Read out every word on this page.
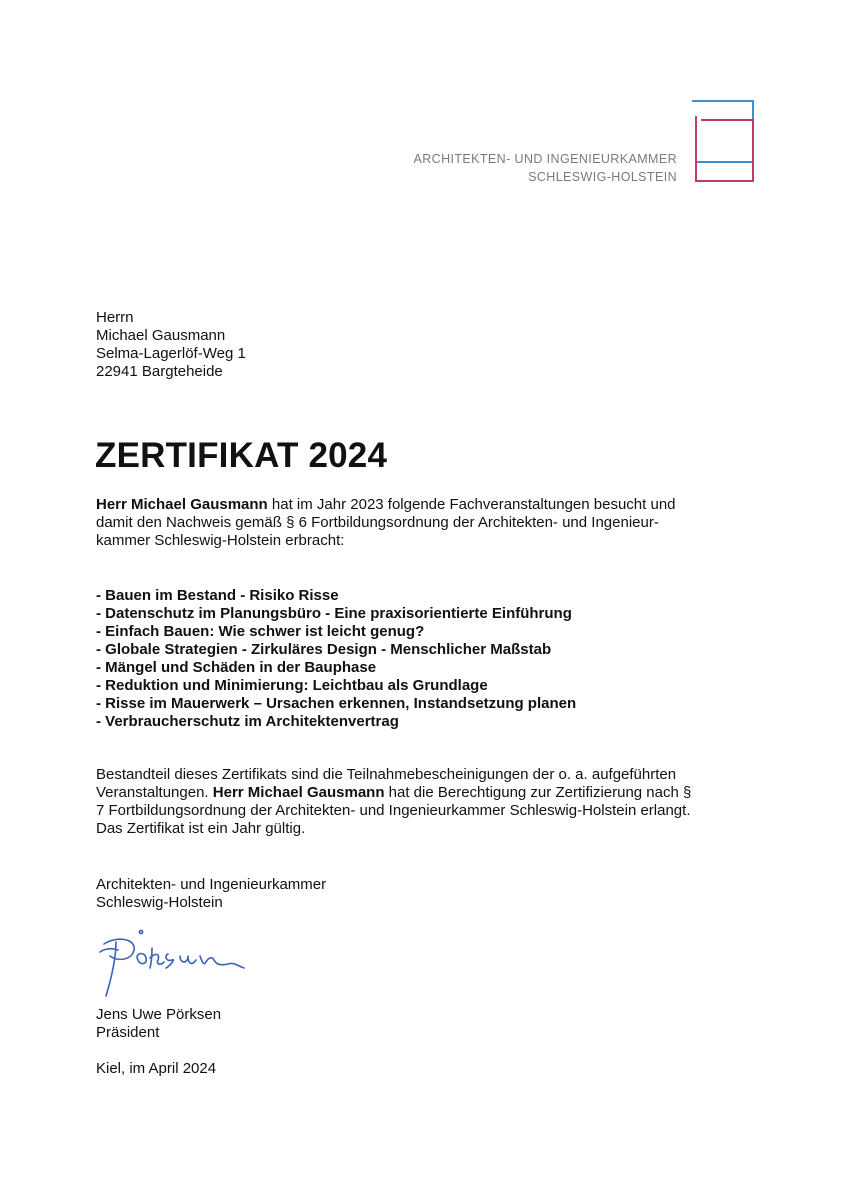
ARCHITEKTEN- UND INGENIEURKAMMER
SCHLESWIG-HOLSTEIN
Herrn
Michael Gausmann
Selma-Lagerlöf-Weg 1
22941 Bargteheide
ZERTIFIKAT 2024

Herr Michael Gausmann hat im Jahr 2023 folgende Fachveranstaltungen besucht und damit den Nachweis gemäß § 6 Fortbildungsordnung der Architekten- und Ingenieur-kammer Schleswig-Holstein erbracht:

- Bauen im Bestand - Risiko Risse
- Datenschutz im Planungsbüro - Eine praxisorientierte Einführung
- Einfach Bauen: Wie schwer ist leicht genug?
- Globale Strategien - Zirkuläres Design - Menschlicher Maßstab
- Mängel und Schäden in der Bauphase
- Reduktion und Minimierung: Leichtbau als Grundlage
- Risse im Mauerwerk – Ursachen erkennen, Instandsetzung planen
- Verbraucherschutz im Architektenvertrag

Bestandteil dieses Zertifikats sind die Teilnahmebescheinigungen der o. a. aufgeführten Veranstaltungen. Herr Michael Gausmann hat die Berechtigung zur Zertifizierung nach § 7 Fortbildungsordnung der Architekten- und Ingenieurkammer Schleswig-Holstein erlangt. Das Zertifikat ist ein Jahr gültig.

Architekten- und Ingenieurkammer
Schleswig-Holstein
Jens Uwe Pörksen
Präsident
Kiel, im April 2024
